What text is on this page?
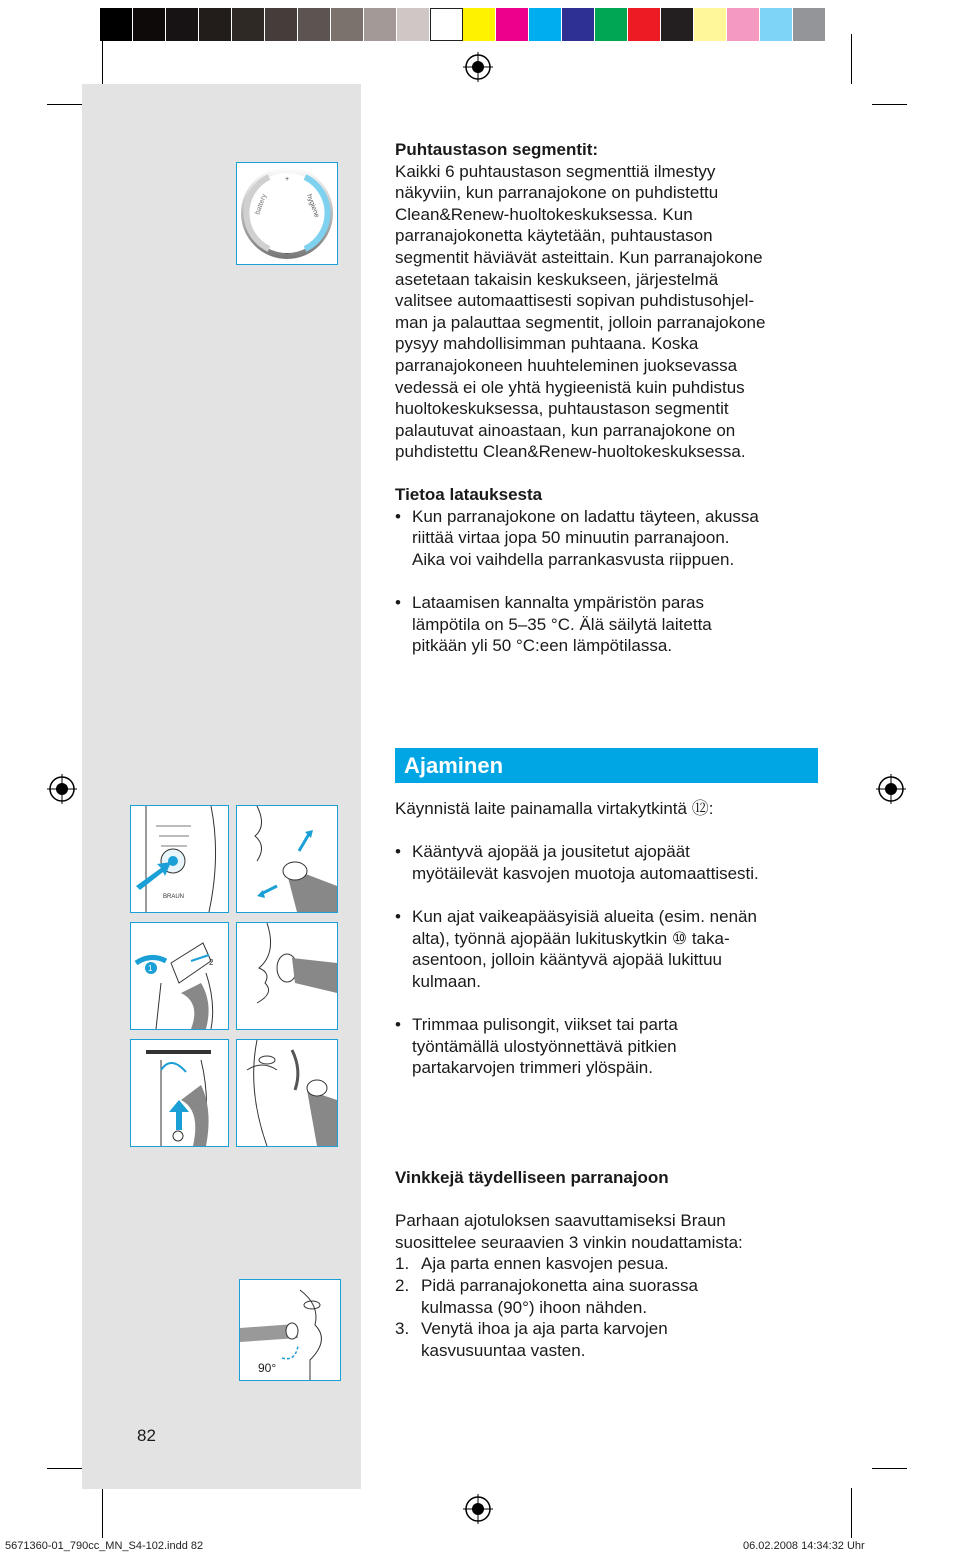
battery	hygiene
+
–
BRAUN
1
2
90°

Puhtaustason segmentit:

Kaikki 6 puhtaustason segmenttiä ilmestyy

näkyviin, kun parranajokone on puhdistettu

Clean&Renew-huoltokeskuksessa. Kun

parranajokonetta käytetään, puhtaustason

segmentit häviävät asteittain. Kun parranajokone

asetetaan takaisin keskukseen, järjestelmä

valitsee automaattisesti sopivan puhdistusohjel-

man ja palauttaa segmentit, jolloin parranajokone

pysyy mahdollisimman puhtaana. Koska

parranajokoneen huuhteleminen juoksevassa

vedessä ei ole yhtä hygieenistä kuin puhdistus

huoltokeskuksessa, puhtaustason segmentit

palautuvat ainoastaan, kun parranajokone on

puhdistettu Clean&Renew-huoltokeskuksessa.

Tietoa latauksesta

• Kun parranajokone on ladattu täyteen, akussa

riittää virtaa jopa 50 minuutin parranajoon.

Aika voi vaihdella parrankasvusta riippuen.

• Lataamisen kannalta ympäristön paras

lämpötila on 5–35 °C. Älä säilytä laitetta

pitkään yli 50 °C:een lämpötilassa.

Ajaminen

Käynnistä laite painamalla virtakytkintä ⑫:

• Kääntyvä ajopää ja jousitetut ajopäät

myötäilevät kasvojen muotoja automaattisesti.

• Kun ajat vaikeapääsyisiä alueita (esim. nenän

alta), työnnä ajopään lukituskytkin ⑩ taka-

asentoon, jolloin kääntyvä ajopää lukittuu

kulmaan.

• Trimmaa pulisongit, viikset tai parta

työntämällä ulostyönnettävä pitkien

partakarvojen trimmeri ylöspäin.

Vinkkejä täydelliseen parranajoon

Parhaan ajotuloksen saavuttamiseksi Braun

suosittelee seuraavien 3 vinkin noudattamista:

1. Aja parta ennen kasvojen pesua.

2. Pidä parranajokonetta aina suorassa

kulmassa (90°) ihoon nähden.

3. Venytä ihoa ja aja parta karvojen

kasvusuuntaa vasten.

82
5671360-01_790cc_MN_S4-102.indd 82	06.02.2008 14:34:32 Uhr
